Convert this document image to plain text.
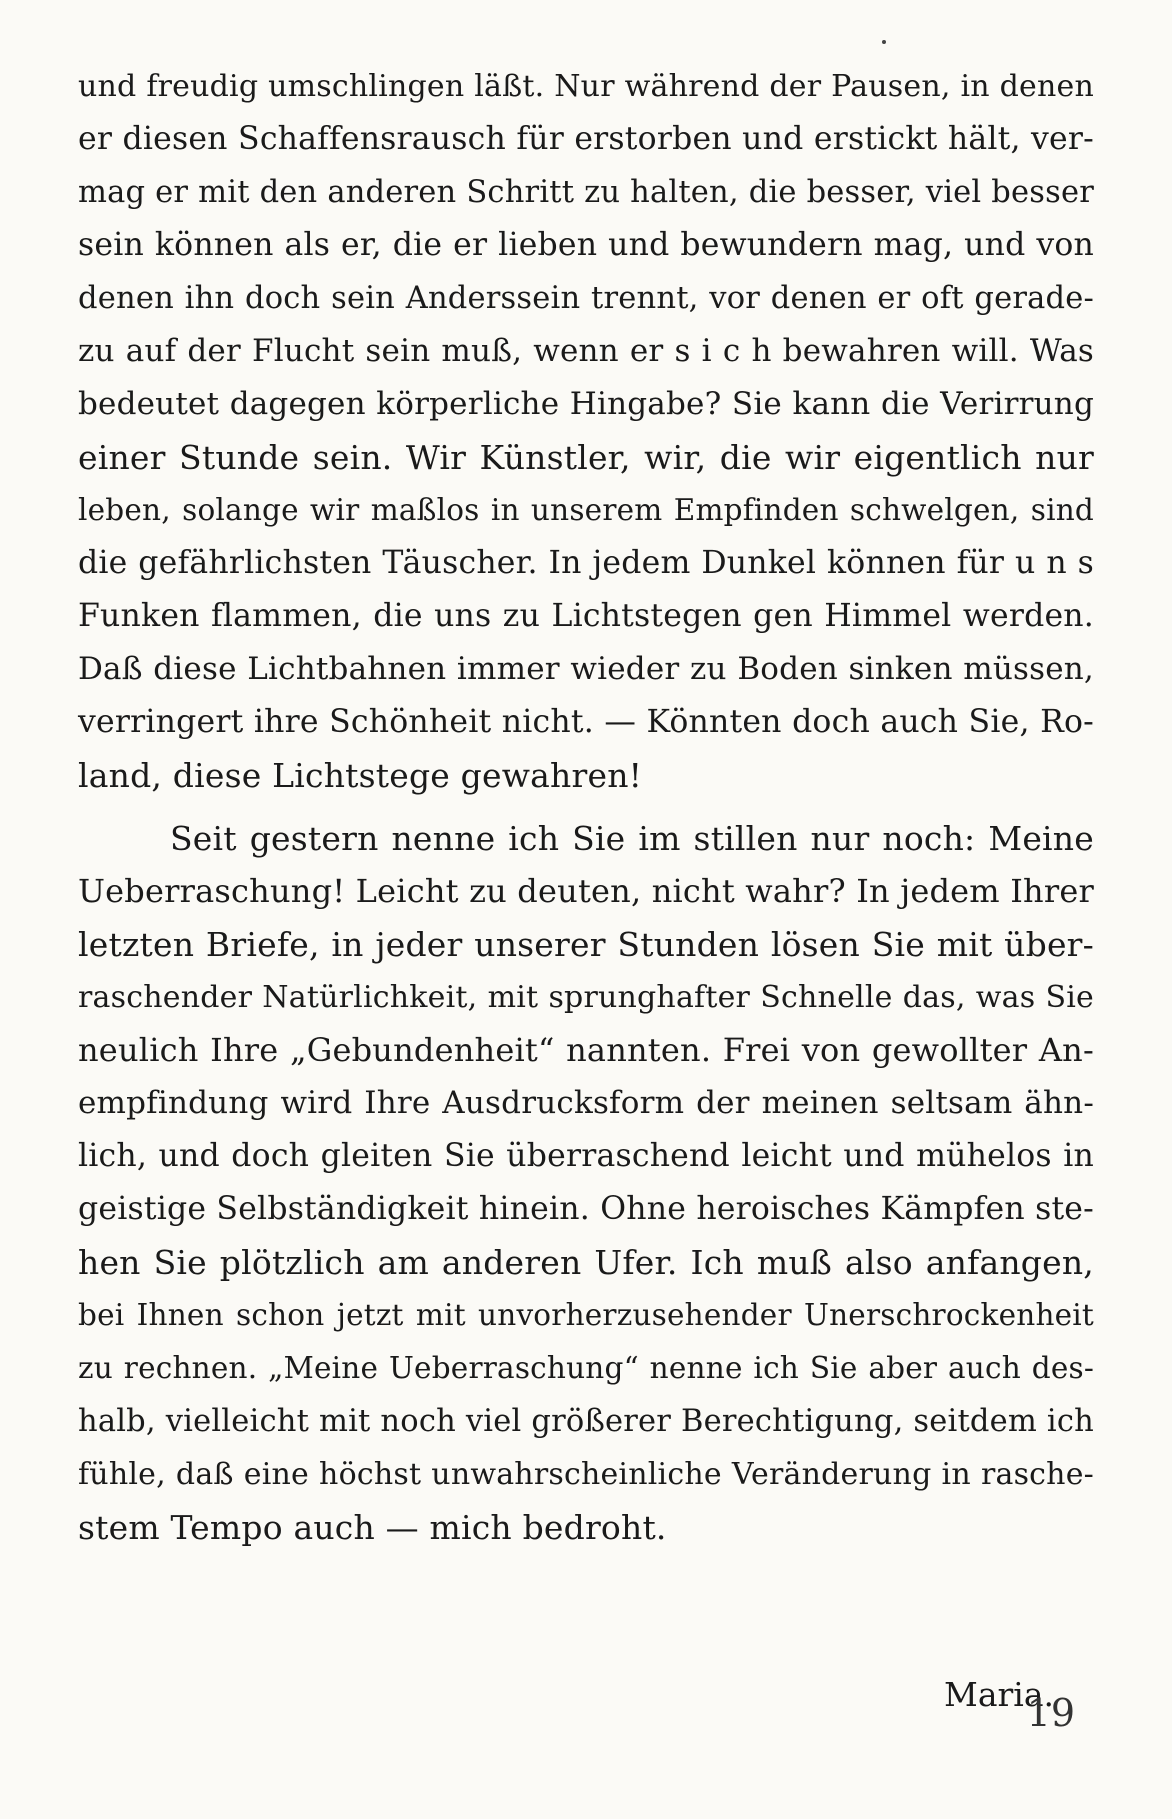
und freudig umschlingen läßt. Nur während der Pausen, in denen
er diesen Schaffensrausch für erstorben und erstickt hält, ver-
mag er mit den anderen Schritt zu halten, die besser, viel besser
sein können als er, die er lieben und bewundern mag, und von
denen ihn doch sein Anderssein trennt, vor denen er oft gerade-
zu auf der Flucht sein muß, wenn er s i c h bewahren will. Was
bedeutet dagegen körperliche Hingabe? Sie kann die Verirrung
einer Stunde sein. Wir Künstler, wir, die wir eigentlich nur
leben, solange wir maßlos in unserem Empfinden schwelgen, sind
die gefährlichsten Täuscher. In jedem Dunkel können für u n s
Funken flammen, die uns zu Lichtstegen gen Himmel werden.
Daß diese Lichtbahnen immer wieder zu Boden sinken müssen,
verringert ihre Schönheit nicht. — Könnten doch auch Sie, Ro-
land, diese Lichtstege gewahren!
Seit gestern nenne ich Sie im stillen nur noch: Meine
Ueberraschung! Leicht zu deuten, nicht wahr? In jedem Ihrer
letzten Briefe, in jeder unserer Stunden lösen Sie mit über-
raschender Natürlichkeit, mit sprunghafter Schnelle das, was Sie
neulich Ihre „Gebundenheit“ nannten. Frei von gewollter An-
empfindung wird Ihre Ausdrucksform der meinen seltsam ähn-
lich, und doch gleiten Sie überraschend leicht und mühelos in
geistige Selbständigkeit hinein. Ohne heroisches Kämpfen ste-
hen Sie plötzlich am anderen Ufer. Ich muß also anfangen,
bei Ihnen schon jetzt mit unvorherzusehender Unerschrockenheit
zu rechnen. „Meine Ueberraschung“ nenne ich Sie aber auch des-
halb, vielleicht mit noch viel größerer Berechtigung, seitdem ich
fühle, daß eine höchst unwahrscheinliche Veränderung in rasche-
stem Tempo auch — mich bedroht.
Maria.
19
